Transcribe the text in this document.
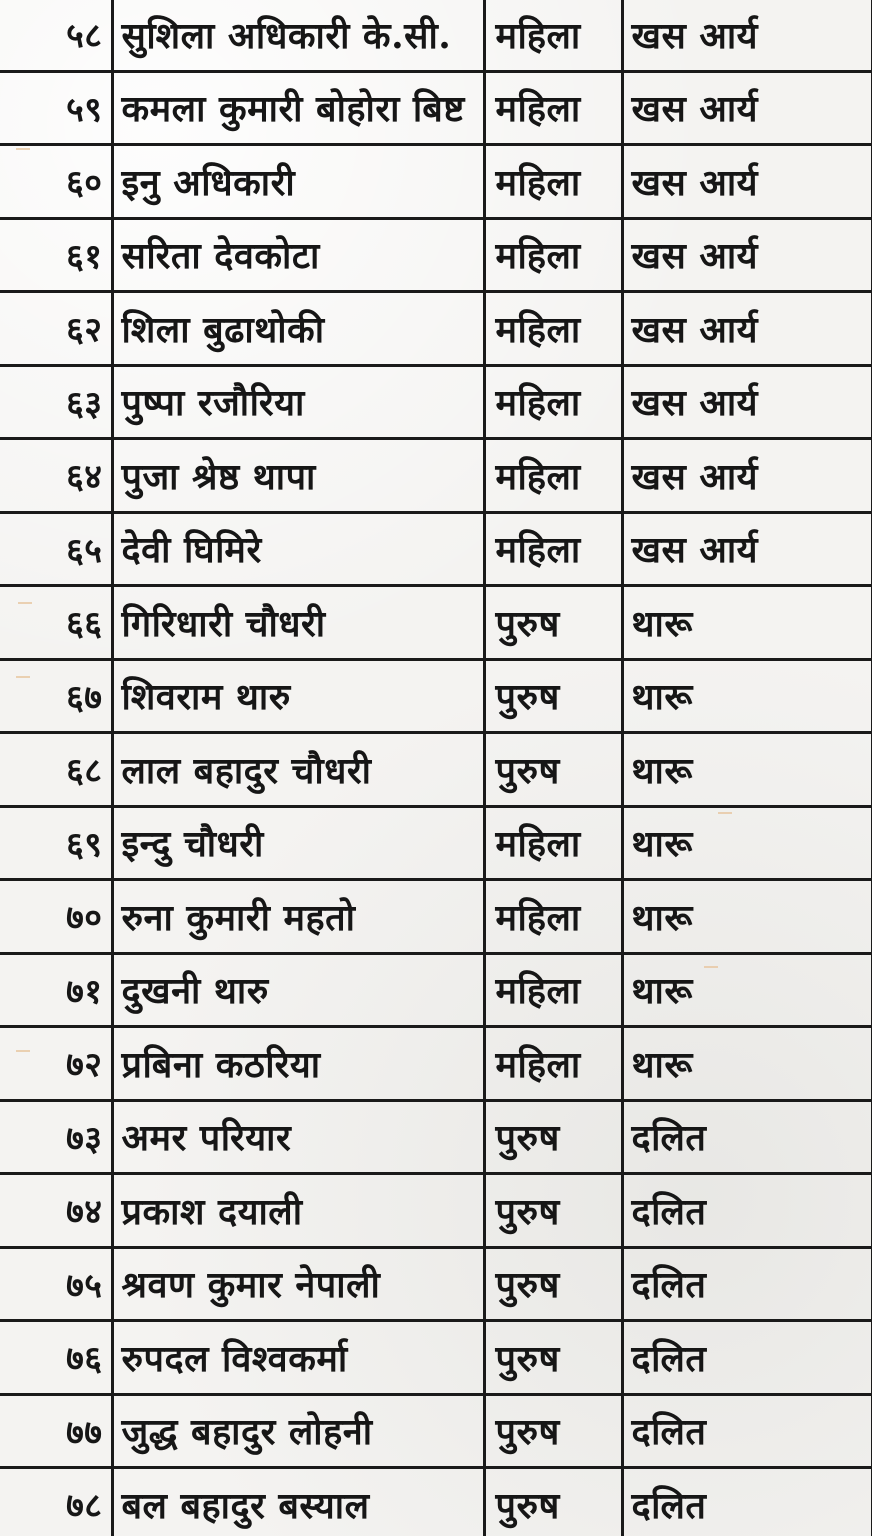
५८	सुशिला अधिकारी के.सी.	महिला	खस आर्य
५९	कमला कुमारी बोहोरा बिष्ट	महिला	खस आर्य
६०	इनु अधिकारी	महिला	खस आर्य
६१	सरिता देवकोटा	महिला	खस आर्य
६२	शिला बुढाथोकी	महिला	खस आर्य
६३	पुष्पा रजौरिया	महिला	खस आर्य
६४	पुजा श्रेष्ठ थापा	महिला	खस आर्य
६५	देवी घिमिरे	महिला	खस आर्य
६६	गिरिधारी चौधरी	पुरुष	थारू
६७	शिवराम थारु	पुरुष	थारू
६८	लाल बहादुर चौधरी	पुरुष	थारू
६९	इन्दु चौधरी	महिला	थारू
७०	रुना कुमारी महतो	महिला	थारू
७१	दुखनी थारु	महिला	थारू
७२	प्रबिना कठरिया	महिला	थारू
७३	अमर परियार	पुरुष	दलित
७४	प्रकाश दयाली	पुरुष	दलित
७५	श्रवण कुमार नेपाली	पुरुष	दलित
७६	रुपदल विश्वकर्मा	पुरुष	दलित
७७	जुद्ध बहादुर लोहनी	पुरुष	दलित
७८	बल बहादुर बस्याल	पुरुष	दलित
